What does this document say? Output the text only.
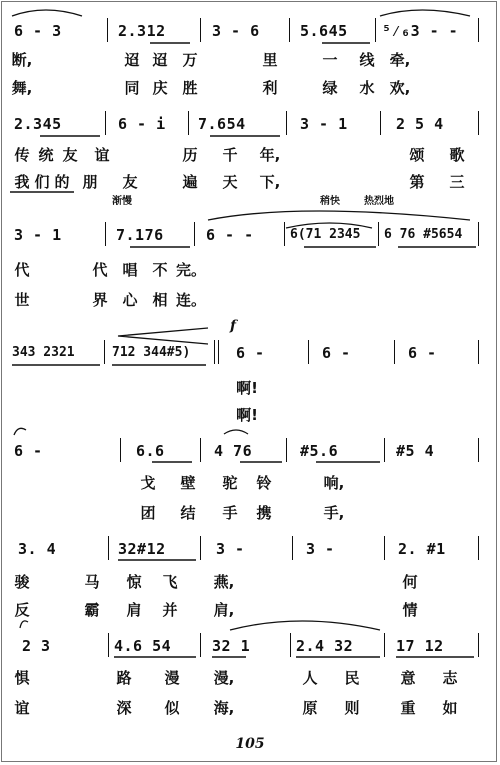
6 - 3	2.312	3 - 6	5.645 ⁵⁄₆3 - -
断,	迢 迢 万	里	一	线	牵,
舞,	同 庆 胜	利	绿	水	欢,
2.345	6 - i 7.654	3 - 1	2 5 4
传 统 友	谊	历	千	年,	颂	歌
我 们 的 朋	友	遍	天	下,	第	三
渐慢	稍快 热烈地
3 - 1	7.176	6 - -	6(71 2345 6 76 #5654
代	代 唱 不 完。
世	界 心 相 连。
f
343 2321	712 344#5)	6 -	6 -	6 -
啊!
啊!
6 -	6.6	4 76	#5.6	#5 4
戈	壁	驼	铃	响,
团	结	手	携	手,
3. 4	32#12	3 -	3 -	2. #1
骏	马	惊	飞	燕,	何
反	霸	肩	并	肩,	情
2 3	4.6 54	32 1	2.4 32	17 12
惧	路	漫	漫,	人	民	意	志
谊	深	似	海,	原	则	重	如
105
